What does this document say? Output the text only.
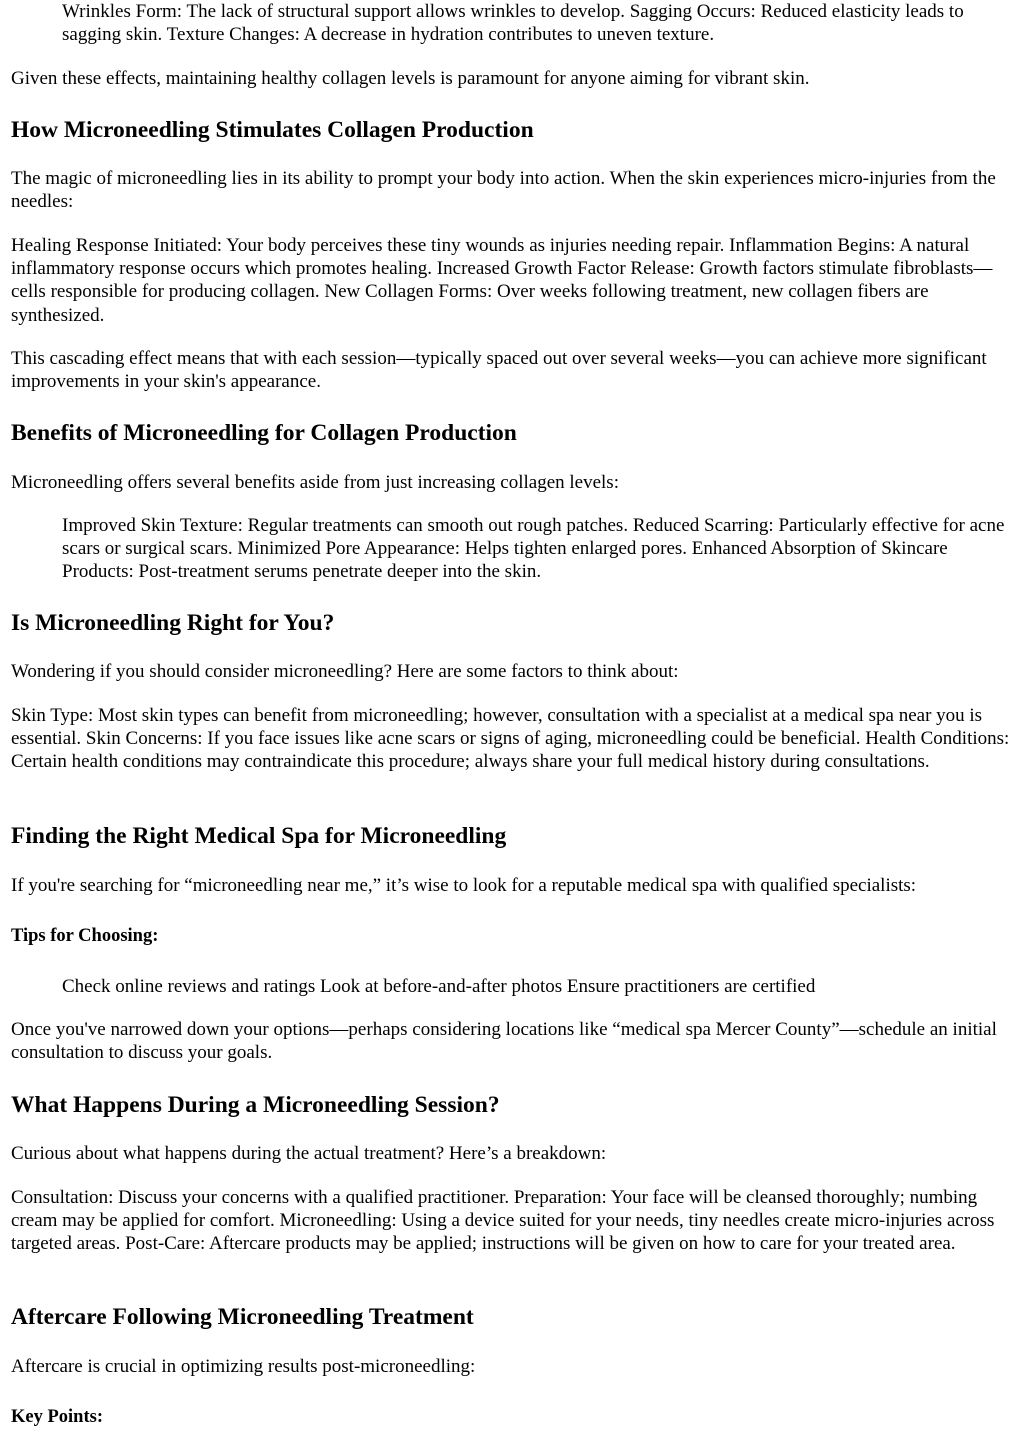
Wrinkles Form: The lack of structural support allows wrinkles to develop. Sagging Occurs: Reduced elasticity leads to sagging skin. Texture Changes: A decrease in hydration contributes to uneven texture.

Given these effects, maintaining healthy collagen levels is paramount for anyone aiming for vibrant skin.

How Microneedling Stimulates Collagen Production

The magic of microneedling lies in its ability to prompt your body into action. When the skin experiences micro-injuries from the needles:

Healing Response Initiated: Your body perceives these tiny wounds as injuries needing repair. Inflammation Begins: A natural inflammatory response occurs which promotes healing. Increased Growth Factor Release: Growth factors stimulate fibroblasts—cells responsible for producing collagen. New Collagen Forms: Over weeks following treatment, new collagen fibers are synthesized.

This cascading effect means that with each session—typically spaced out over several weeks—you can achieve more significant improvements in your skin's appearance.

Benefits of Microneedling for Collagen Production

Microneedling offers several benefits aside from just increasing collagen levels:

Improved Skin Texture: Regular treatments can smooth out rough patches. Reduced Scarring: Particularly effective for acne scars or surgical scars. Minimized Pore Appearance: Helps tighten enlarged pores. Enhanced Absorption of Skincare Products: Post-treatment serums penetrate deeper into the skin.

Is Microneedling Right for You?

Wondering if you should consider microneedling? Here are some factors to think about:

Skin Type: Most skin types can benefit from microneedling; however, consultation with a specialist at a medical spa near you is essential. Skin Concerns: If you face issues like acne scars or signs of aging, microneedling could be beneficial. Health Conditions: Certain health conditions may contraindicate this procedure; always share your full medical history during consultations.

Finding the Right Medical Spa for Microneedling

If you're searching for “microneedling near me,” it’s wise to look for a reputable medical spa with qualified specialists:

Tips for Choosing:

Check online reviews and ratings Look at before-and-after photos Ensure practitioners are certified

Once you've narrowed down your options—perhaps considering locations like “medical spa Mercer County”—schedule an initial consultation to discuss your goals.

What Happens During a Microneedling Session?

Curious about what happens during the actual treatment? Here’s a breakdown:

Consultation: Discuss your concerns with a qualified practitioner. Preparation: Your face will be cleansed thoroughly; numbing cream may be applied for comfort. Microneedling: Using a device suited for your needs, tiny needles create micro-injuries across targeted areas. Post-Care: Aftercare products may be applied; instructions will be given on how to care for your treated area.

Aftercare Following Microneedling Treatment

Aftercare is crucial in optimizing results post-microneedling:

Key Points:
